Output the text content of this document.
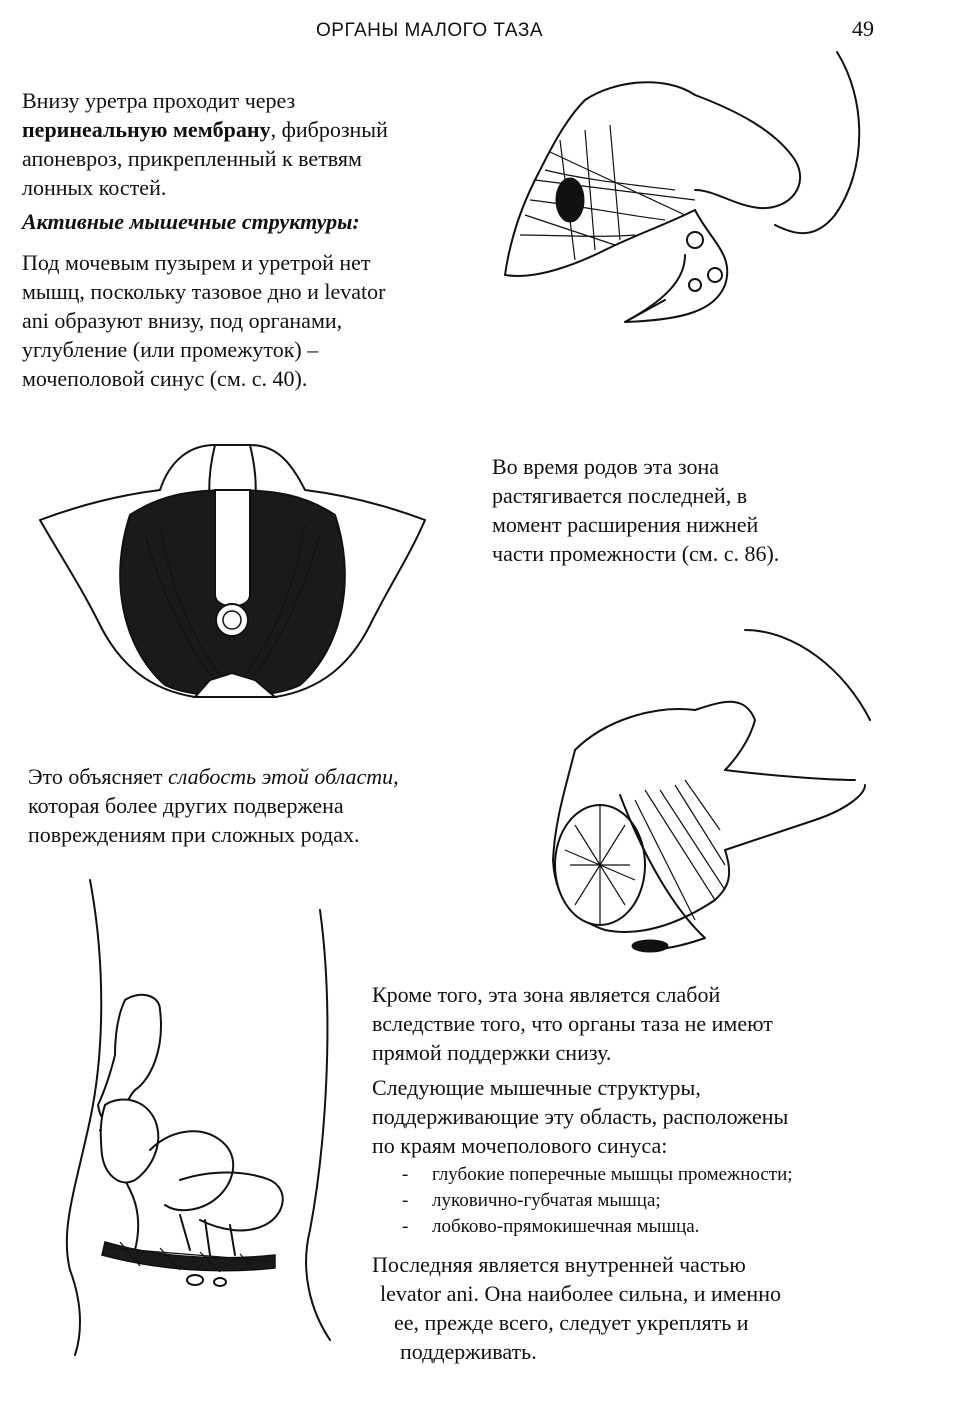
ОРГАНЫ МАЛОГО ТАЗА	49
Внизу уретра проходит через
перинеальную мембрану, фиброзный
апоневроз, прикрепленный к ветвям
лонных костей.
Активные мышечные структуры:
Под мочевым пузырем и уретрой нет
мышц, поскольку тазовое дно и levator
ani образуют внизу, под органами,
углубление (или промежуток) –
мочеполовой синус (см. с. 40).
Во время родов эта зона
растягивается последней, в
момент расширения нижней
части промежности (см. с. 86).
Это объясняет слабость этой области,
которая более других подвержена
повреждениям при сложных родах.
Кроме того, эта зона является слабой
вследствие того, что органы таза не имеют
прямой поддержки снизу.
Следующие мышечные структуры,
поддерживающие эту область, расположены
по краям мочеполового синуса:
- глубокие поперечные мышцы промежности;
- луковично-губчатая мышца;
- лобково-прямокишечная мышца.
Последняя является внутренней частью
levator ani. Она наиболее сильна, и именно
ее, прежде всего, следует укреплять и
поддерживать.
